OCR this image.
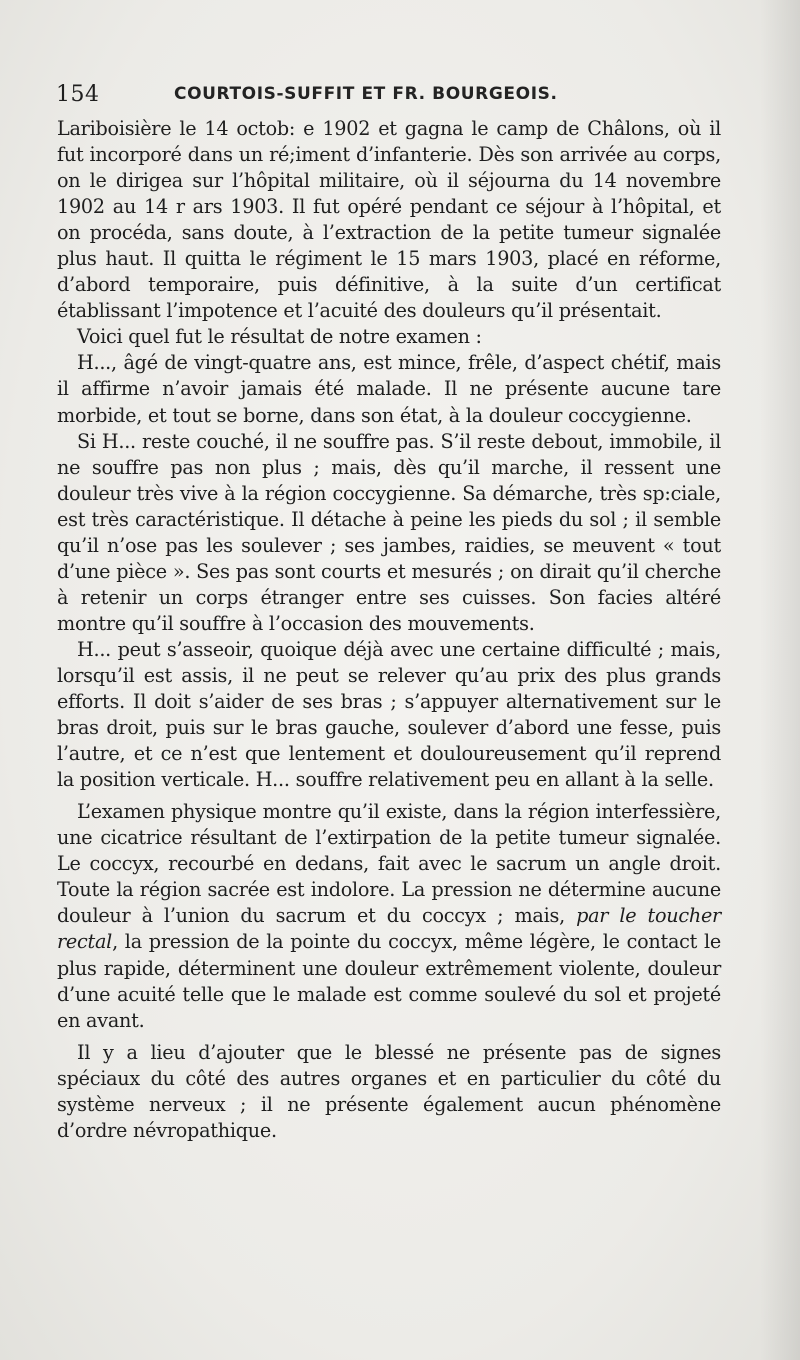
154	COURTOIS-SUFFIT ET FR. BOURGEOIS.

Lariboisière le 14 octob: e 1902 et gagna le camp de Châlons, où il fut incorporé dans un ré;iment d’infanterie. Dès son arrivée au corps, on le dirigea sur l’hôpital militaire, où il séjourna du 14 novembre 1902 au 14 r ars 1903. Il fut opéré pendant ce séjour à l’hôpital, et on procéda, sans doute, à l’extraction de la petite tumeur signalée plus haut. Il quitta le régiment le 15 mars 1903, placé en réforme, d’abord temporaire, puis définitive, à la suite d’un certificat établissant l’impotence et l’acuité des douleurs qu’il présentait.

Voici quel fut le résultat de notre examen :

H..., âgé de vingt-quatre ans, est mince, frêle, d’aspect chétif, mais il affirme n’avoir jamais été malade. Il ne présente aucune tare morbide, et tout se borne, dans son état, à la douleur coccygienne.

Si H... reste couché, il ne souffre pas. S’il reste debout, immobile, il ne souffre pas non plus ; mais, dès qu’il marche, il ressent une douleur très vive à la région coccygienne. Sa démarche, très sp:ciale, est très caractéristique. Il détache à peine les pieds du sol ; il semble qu’il n’ose pas les soulever ; ses jambes, raidies, se meuvent « tout d’une pièce ». Ses pas sont courts et mesurés ; on dirait qu’il cherche à retenir un corps étranger entre ses cuisses. Son facies altéré montre qu’il souffre à l’occasion des mouvements.

H... peut s’asseoir, quoique déjà avec une certaine difficulté ; mais, lorsqu’il est assis, il ne peut se relever qu’au prix des plus grands efforts. Il doit s’aider de ses bras ; s’appuyer alternativement sur le bras droit, puis sur le bras gauche, soulever d’abord une fesse, puis l’autre, et ce n’est que lentement et douloureusement qu’il reprend la position verticale. H... souffre relativement peu en allant à la selle.

L’examen physique montre qu’il existe, dans la région interfessière, une cicatrice résultant de l’extirpation de la petite tumeur signalée. Le coccyx, recourbé en dedans, fait avec le sacrum un angle droit. Toute la région sacrée est indolore. La pression ne détermine aucune douleur à l’union du sacrum et du coccyx ; mais, par le toucher rectal, la pression de la pointe du coccyx, même légère, le contact le plus rapide, déterminent une douleur extrêmement violente, douleur d’une acuité telle que le malade est comme soulevé du sol et projeté en avant.

Il y a lieu d’ajouter que le blessé ne présente pas de signes spéciaux du côté des autres organes et en particulier du côté du système nerveux ; il ne présente également aucun phénomène d’ordre névropathique.
